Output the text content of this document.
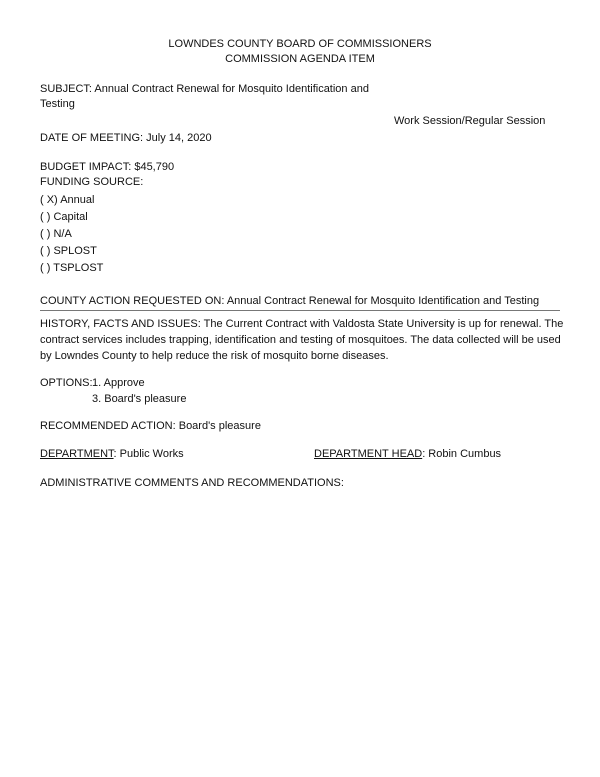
LOWNDES COUNTY BOARD OF COMMISSIONERS
COMMISSION AGENDA ITEM
SUBJECT: Annual Contract Renewal for Mosquito Identification and
Testing
Work Session/Regular Session
DATE OF MEETING: July 14, 2020
BUDGET IMPACT: $45,790
FUNDING SOURCE:
( X) Annual
( ) Capital
( ) N/A
( ) SPLOST
( ) TSPLOST
COUNTY ACTION REQUESTED ON: Annual Contract Renewal for Mosquito Identification and Testing
HISTORY, FACTS AND ISSUES: The Current Contract with Valdosta State University is up for renewal. The
contract services includes trapping, identification and testing of mosquitoes. The data collected will be used
by Lowndes County to help reduce the risk of mosquito borne diseases.
OPTIONS: 1. Approve
3. Board's pleasure
RECOMMENDED ACTION: Board's pleasure
DEPARTMENT: Public Works	DEPARTMENT HEAD: Robin Cumbus
ADMINISTRATIVE COMMENTS AND RECOMMENDATIONS:
